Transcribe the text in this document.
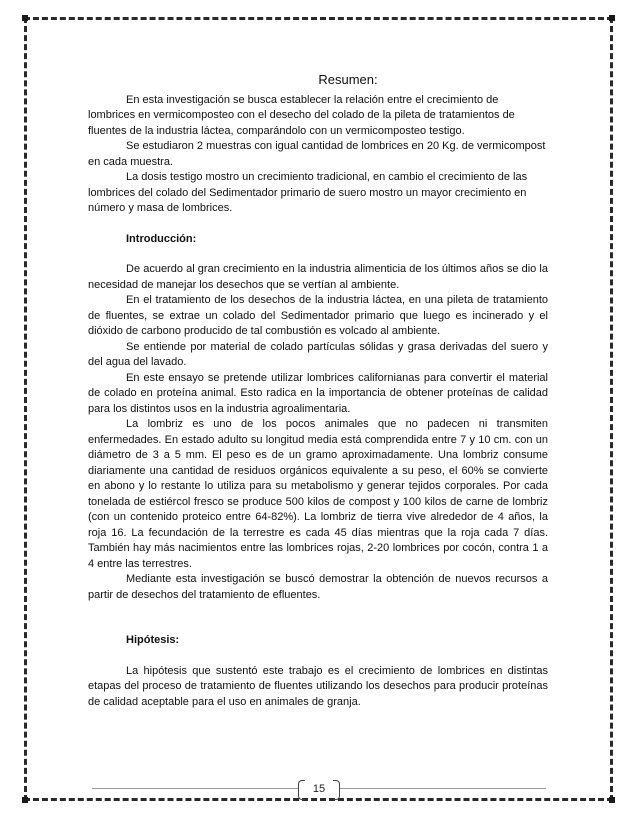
Resumen:

En esta investigación se busca establecer la relación entre el crecimiento de lombrices en vermicomposteo con el desecho del colado de la pileta de tratamientos de fluentes de la industria láctea, comparándolo con un vermicomposteo testigo.

Se estudiaron 2 muestras con igual cantidad de lombrices en 20 Kg. de vermicompost en cada muestra.

La dosis testigo mostro un crecimiento tradicional, en cambio el crecimiento de las lombrices del colado del Sedimentador primario de suero mostro un mayor crecimiento en número y masa de lombrices.

Introducción:

De acuerdo al gran crecimiento en la industria alimenticia de los últimos años se dio la necesidad de manejar los desechos que se vertían al ambiente.

En el tratamiento de los desechos de la industria láctea, en una pileta de tratamiento de fluentes, se extrae un colado del Sedimentador primario que luego es incinerado y el dióxido de carbono producido de tal combustión es volcado al ambiente.

Se entiende por material de colado partículas sólidas y grasa derivadas del suero y del agua del lavado.

En este ensayo se pretende utilizar lombrices californianas para convertir el material de colado en proteína animal. Esto radica en la importancia de obtener proteínas de calidad para los distintos usos en la industria agroalimentaria.

La lombriz es uno de los pocos animales que no padecen ni transmiten enfermedades. En estado adulto su longitud media está comprendida entre 7 y 10 cm. con un diámetro de 3 a 5 mm. El peso es de un gramo aproximadamente. Una lombriz consume diariamente una cantidad de residuos orgánicos equivalente a su peso, el 60% se convierte en abono y lo restante lo utiliza para su metabolismo y generar tejidos corporales. Por cada tonelada de estiércol fresco se produce 500 kilos de compost y 100 kilos de carne de lombriz (con un contenido proteico entre 64-82%). La lombriz de tierra vive alrededor de 4 años, la roja 16. La fecundación de la terrestre es cada 45 días mientras que la roja cada 7 días. También hay más nacimientos entre las lombrices rojas, 2-20 lombrices por cocón, contra 1 a 4 entre las terrestres.

Mediante esta investigación se buscó demostrar la obtención de nuevos recursos a partir de desechos del tratamiento de efluentes.

Hipótesis:

La hipótesis que sustentó este trabajo es el crecimiento de lombrices en distintas etapas del proceso de tratamiento de fluentes utilizando los desechos para producir proteínas de calidad aceptable para el uso en animales de granja.

15
